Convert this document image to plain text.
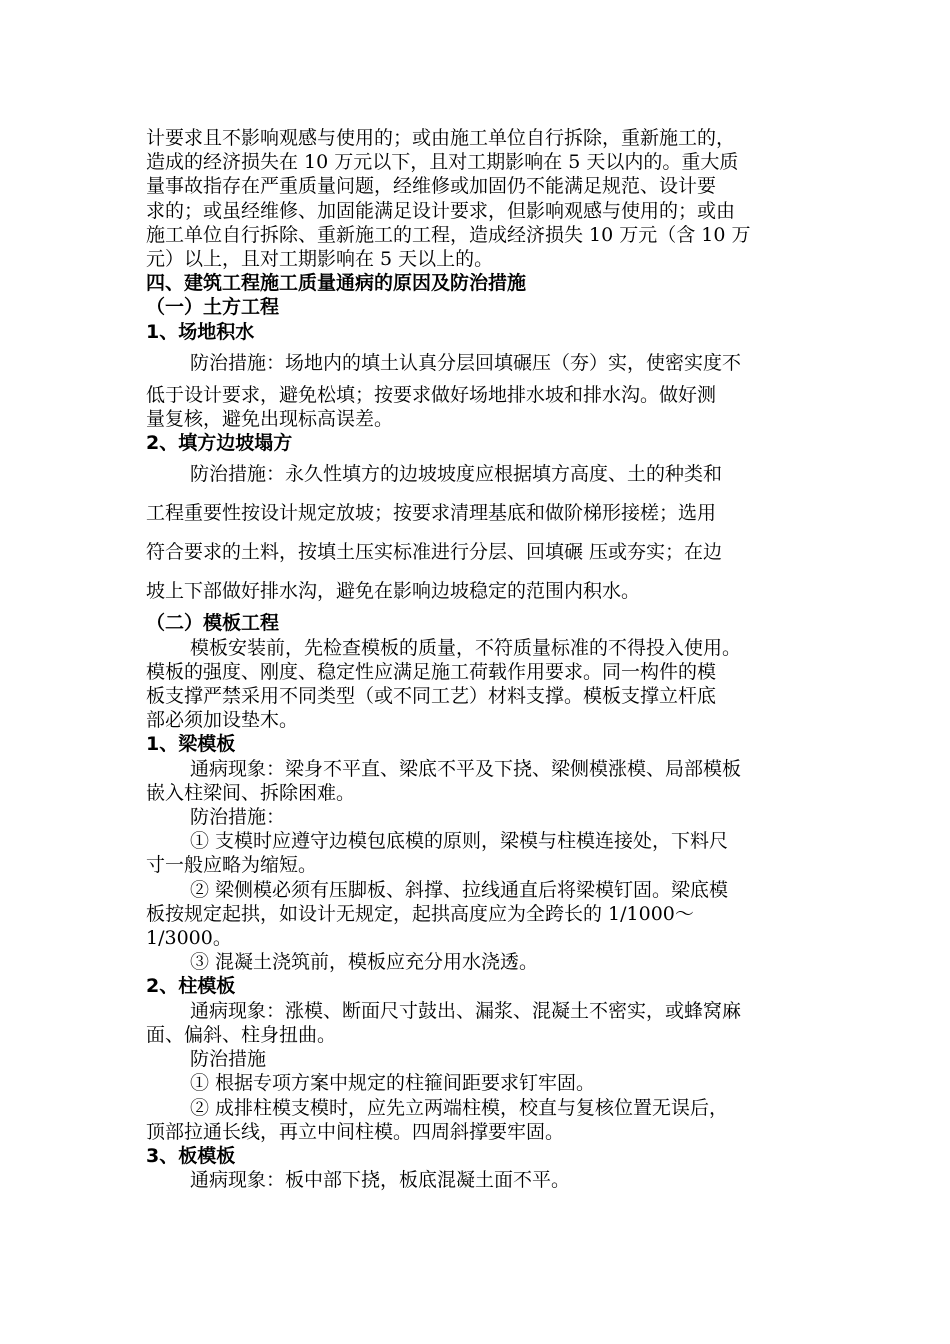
计要求且不影响观感与使用的；或由施工单位自行拆除，重新施工的，

造成的经济损失在 10 万元以下，且对工期影响在 5 天以内的。重大质

量事故指存在严重质量问题，经维修或加固仍不能满足规范、设计要

求的；或虽经维修、加固能满足设计要求，但影响观感与使用的；或由

施工单位自行拆除、重新施工的工程，造成经济损失 10 万元（含 10 万

元）以上，且对工期影响在 5 天以上的。

四、建筑工程施工质量通病的原因及防治措施

（一）土方工程

1、场地积水

防治措施：场地内的填土认真分层回填碾压（夯）实，使密实度不

低于设计要求，避免松填；按要求做好场地排水坡和排水沟。做好测

量复核，避免出现标高误差。

2、填方边坡塌方

防治措施：永久性填方的边坡坡度应根据填方高度、土的种类和

工程重要性按设计规定放坡；按要求清理基底和做阶梯形接槎；选用

符合要求的土料，按填土压实标准进行分层、回填碾 压或夯实；在边

坡上下部做好排水沟，避免在影响边坡稳定的范围内积水。

（二）模板工程

模板安装前，先检查模板的质量，不符质量标准的不得投入使用。

模板的强度、刚度、稳定性应满足施工荷载作用要求。同一构件的模

板支撑严禁采用不同类型（或不同工艺）材料支撑。模板支撑立杆底

部必须加设垫木。

1、梁模板

通病现象：梁身不平直、梁底不平及下挠、梁侧模涨模、局部模板

嵌入柱梁间、拆除困难。

防治措施：

① 支模时应遵守边模包底模的原则，梁模与柱模连接处，下料尺

寸一般应略为缩短。

② 梁侧模必须有压脚板、斜撑、拉线通直后将梁模钉固。梁底模

板按规定起拱，如设计无规定，起拱高度应为全跨长的 1/1000～

1/3000。

③ 混凝土浇筑前，模板应充分用水浇透。

2、柱模板

通病现象：涨模、断面尺寸鼓出、漏浆、混凝土不密实，或蜂窝麻

面、偏斜、柱身扭曲。

防治措施

① 根据专项方案中规定的柱箍间距要求钉牢固。

② 成排柱模支模时，应先立两端柱模，校直与复核位置无误后，

顶部拉通长线，再立中间柱模。四周斜撑要牢固。

3、板模板

通病现象：板中部下挠，板底混凝土面不平。
